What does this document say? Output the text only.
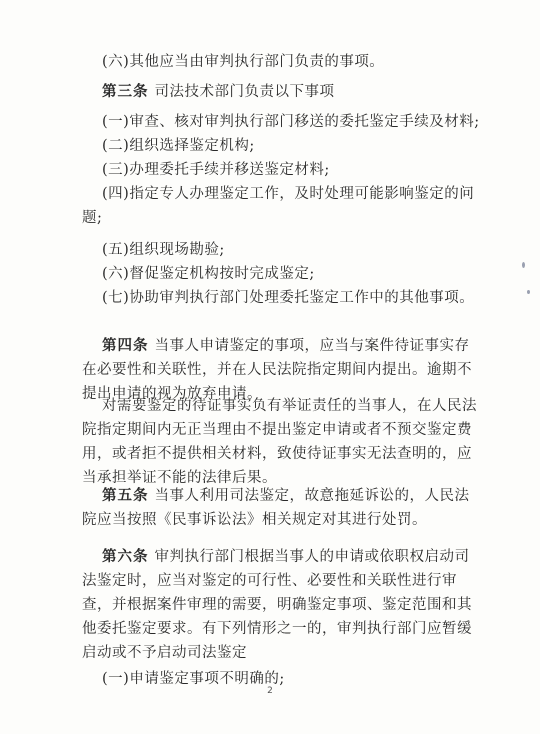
(六)其他应当由审判执行部门负责的事项。

第三条 司法技术部门负责以下事项

(一)审查、核对审判执行部门移送的委托鉴定手续及材料;

(二)组织选择鉴定机构;

(三)办理委托手续并移送鉴定材料;

(四)指定专人办理鉴定工作，及时处理可能影响鉴定的问题;

(五)组织现场勘验;

(六)督促鉴定机构按时完成鉴定;

(七)协助审判执行部门处理委托鉴定工作中的其他事项。

第四条 当事人申请鉴定的事项，应当与案件待证事实存在必要性和关联性，并在人民法院指定期间内提出。逾期不提出申请的视为放弃申请。

对需要鉴定的待证事实负有举证责任的当事人，在人民法院指定期间内无正当理由不提出鉴定申请或者不预交鉴定费用，或者拒不提供相关材料，致使待证事实无法查明的，应当承担举证不能的法律后果。

第五条 当事人利用司法鉴定，故意拖延诉讼的，人民法院应当按照《民事诉讼法》相关规定对其进行处罚。

第六条 审判执行部门根据当事人的申请或依职权启动司法鉴定时，应当对鉴定的可行性、必要性和关联性进行审查，并根据案件审理的需要，明确鉴定事项、鉴定范围和其他委托鉴定要求。有下列情形之一的，审判执行部门应暂缓启动或不予启动司法鉴定

2

(一)申请鉴定事项不明确的;
